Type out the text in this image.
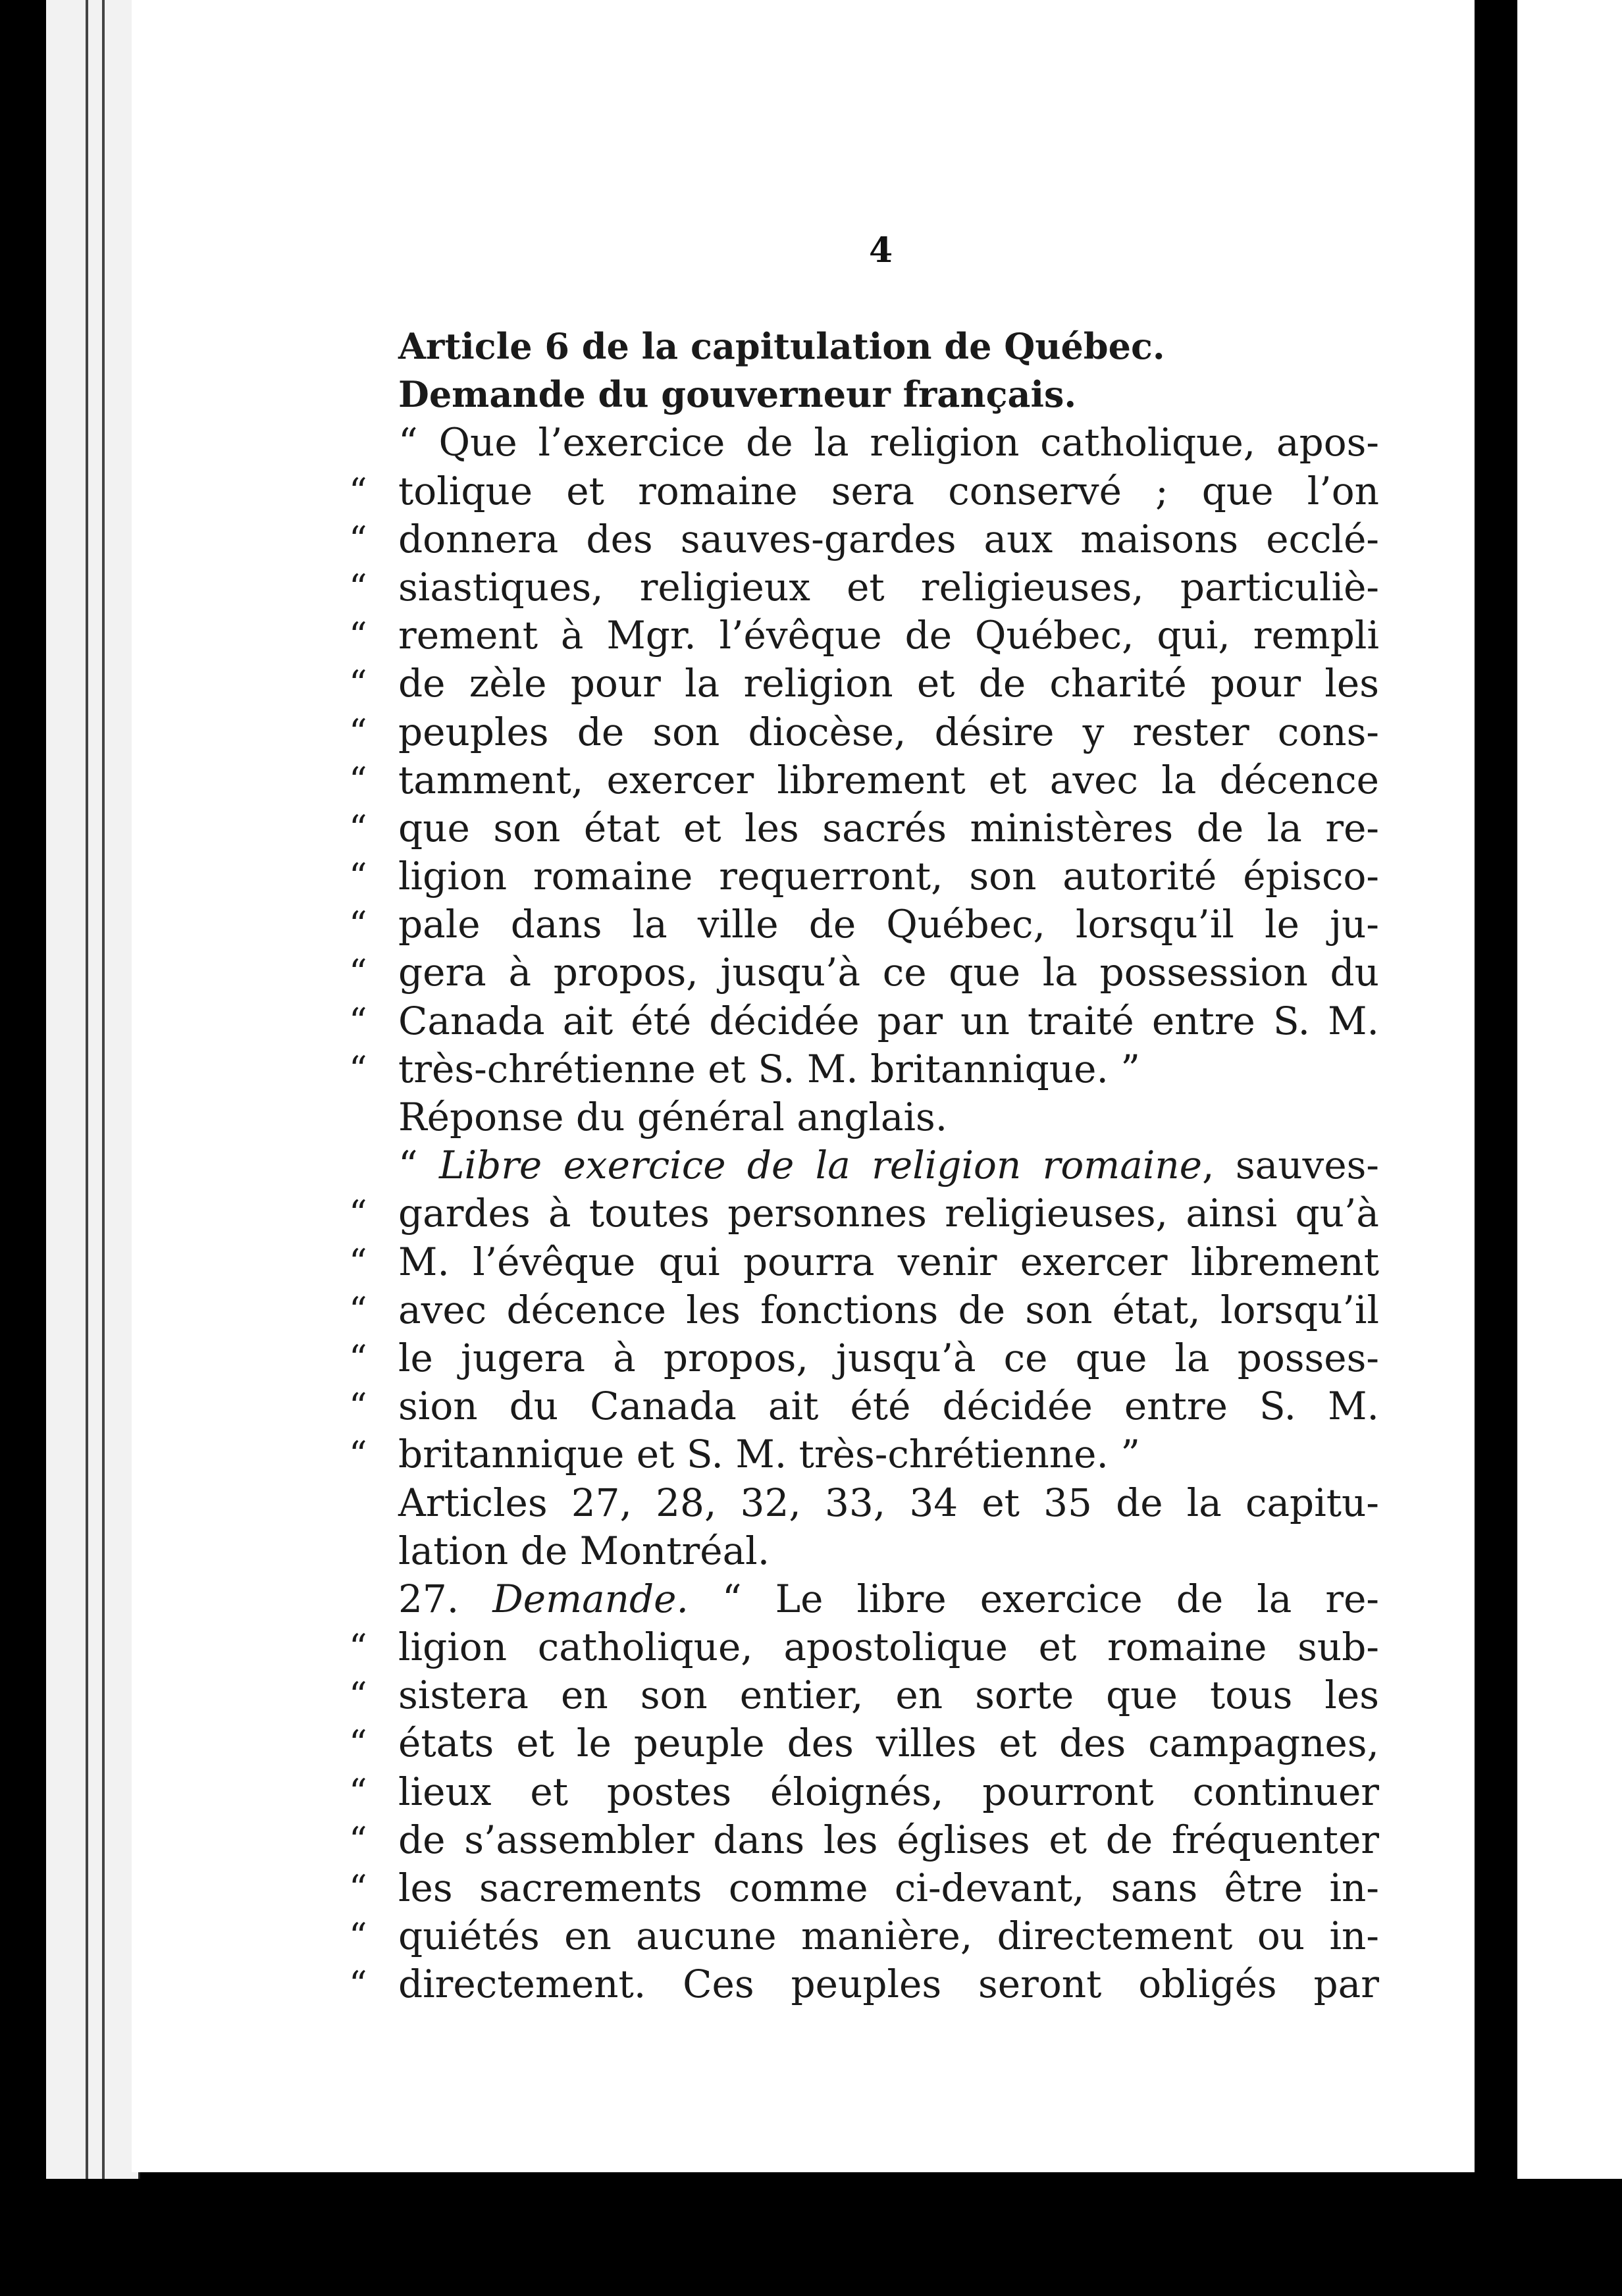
4
Article 6 de la capitulation de Québec.
Demande du gouverneur français.
“ Que l’exercice de la religion catholique, apos-
“ tolique et romaine sera conservé ; que l’on
“ donnera des sauves-gardes aux maisons ecclé-
“ siastiques, religieux et religieuses, particuliè-
“ rement à Mgr. l’évêque de Québec, qui, rempli
“ de zèle pour la religion et de charité pour les
“ peuples de son diocèse, désire y rester cons-
“ tamment, exercer librement et avec la décence
“ que son état et les sacrés ministères de la re-
“ ligion romaine requerront, son autorité épisco-
“ pale dans la ville de Québec, lorsqu’il le ju-
“ gera à propos, jusqu’à ce que la possession du
“ Canada ait été décidée par un traité entre S. M.
“ très-chrétienne et S. M. britannique. ”
Réponse du général anglais.
“ Libre exercice de la religion romaine, sauves-
“ gardes à toutes personnes religieuses, ainsi qu’à
“ M. l’évêque qui pourra venir exercer librement
“ avec décence les fonctions de son état, lorsqu’il
“ le jugera à propos, jusqu’à ce que la posses-
“ sion du Canada ait été décidée entre S. M.
“ britannique et S. M. très-chrétienne. ”
Articles 27, 28, 32, 33, 34 et 35 de la capitu-
lation de Montréal.
27. Demande. “ Le libre exercice de la re-
“ ligion catholique, apostolique et romaine sub-
“ sistera en son entier, en sorte que tous les
“ états et le peuple des villes et des campagnes,
“ lieux et postes éloignés, pourront continuer
“ de s’assembler dans les églises et de fréquenter
“ les sacrements comme ci-devant, sans être in-
“ quiétés en aucune manière, directement ou in-
“ directement. Ces peuples seront obligés par
